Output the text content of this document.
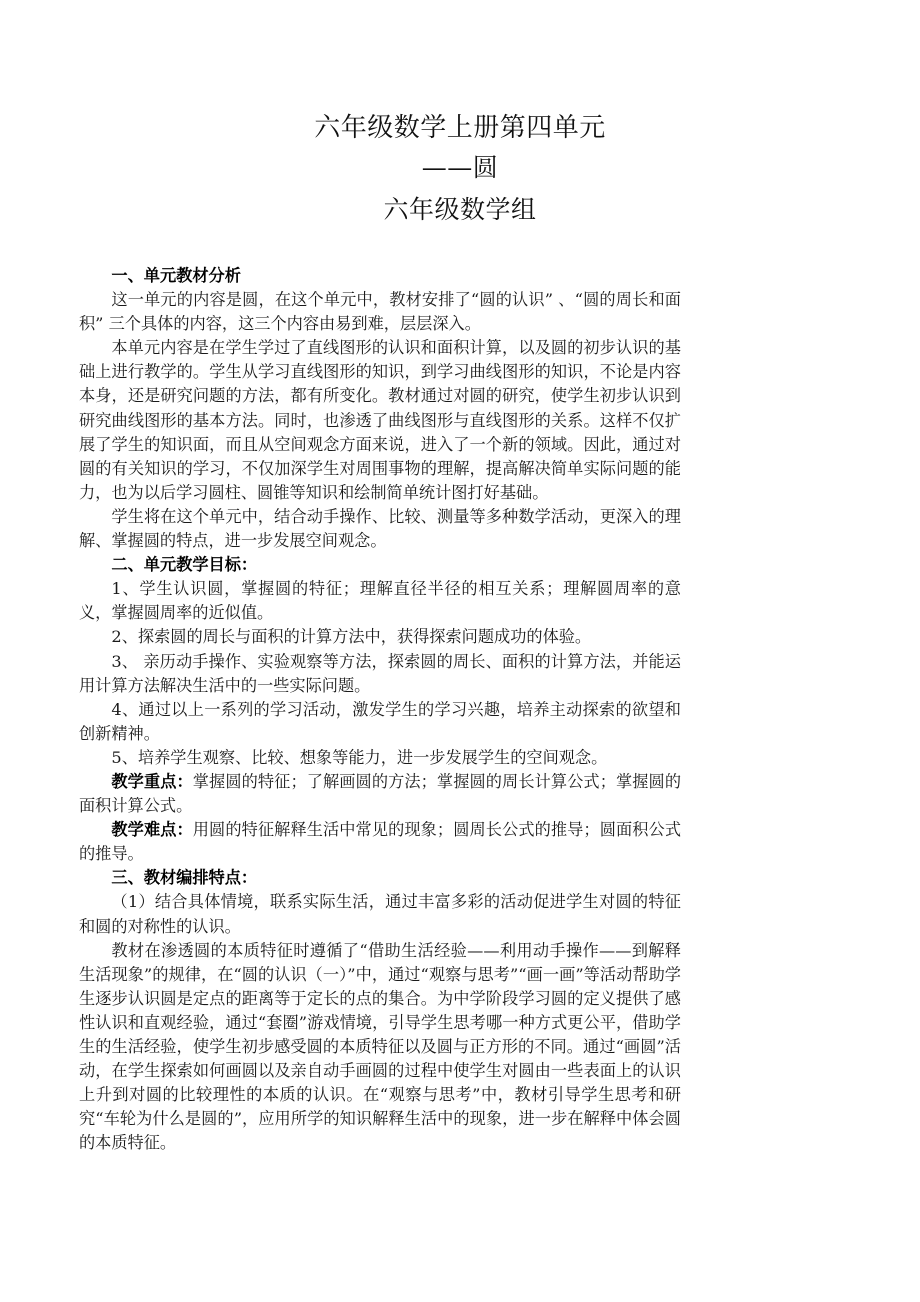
六年级数学上册第四单元
——圆
六年级数学组

一、单元教材分析

这一单元的内容是圆，在这个单元中，教材安排了“圆的认识” 、“圆的周长和面积” 三个具体的内容，这三个内容由易到难，层层深入。

本单元内容是在学生学过了直线图形的认识和面积计算，以及圆的初步认识的基础上进行教学的。学生从学习直线图形的知识，到学习曲线图形的知识，不论是内容本身，还是研究问题的方法，都有所变化。教材通过对圆的研究，使学生初步认识到研究曲线图形的基本方法。同时，也渗透了曲线图形与直线图形的关系。这样不仅扩展了学生的知识面，而且从空间观念方面来说，进入了一个新的领域。因此，通过对圆的有关知识的学习，不仅加深学生对周围事物的理解，提高解决简单实际问题的能力，也为以后学习圆柱、圆锥等知识和绘制简单统计图打好基础。

学生将在这个单元中，结合动手操作、比较、测量等多种数学活动，更深入的理解、掌握圆的特点，进一步发展空间观念。

二、单元教学目标：

1、学生认识圆，掌握圆的特征；理解直径半径的相互关系；理解圆周率的意义，掌握圆周率的近似值。

2、探索圆的周长与面积的计算方法中，获得探索问题成功的体验。

3、 亲历动手操作、实验观察等方法，探索圆的周长、面积的计算方法，并能运用计算方法解决生活中的一些实际问题。

4、通过以上一系列的学习活动，激发学生的学习兴趣，培养主动探索的欲望和创新精神。

5、培养学生观察、比较、想象等能力，进一步发展学生的空间观念。

教学重点：掌握圆的特征；了解画圆的方法；掌握圆的周长计算公式；掌握圆的面积计算公式。

教学难点：用圆的特征解释生活中常见的现象；圆周长公式的推导；圆面积公式的推导。

三、教材编排特点：

（1）结合具体情境，联系实际生活，通过丰富多彩的活动促进学生对圆的特征和圆的对称性的认识。

教材在渗透圆的本质特征时遵循了“借助生活经验——利用动手操作——到解释生活现象”的规律，在“圆的认识（一）”中，通过“观察与思考”“画一画”等活动帮助学生逐步认识圆是定点的距离等于定长的点的集合。为中学阶段学习圆的定义提供了感性认识和直观经验，通过“套圈”游戏情境，引导学生思考哪一种方式更公平，借助学生的生活经验，使学生初步感受圆的本质特征以及圆与正方形的不同。通过“画圆”活动，在学生探索如何画圆以及亲自动手画圆的过程中使学生对圆由一些表面上的认识上升到对圆的比较理性的本质的认识。在“观察与思考”中，教材引导学生思考和研究“车轮为什么是圆的”，应用所学的知识解释生活中的现象，进一步在解释中体会圆的本质特征。
